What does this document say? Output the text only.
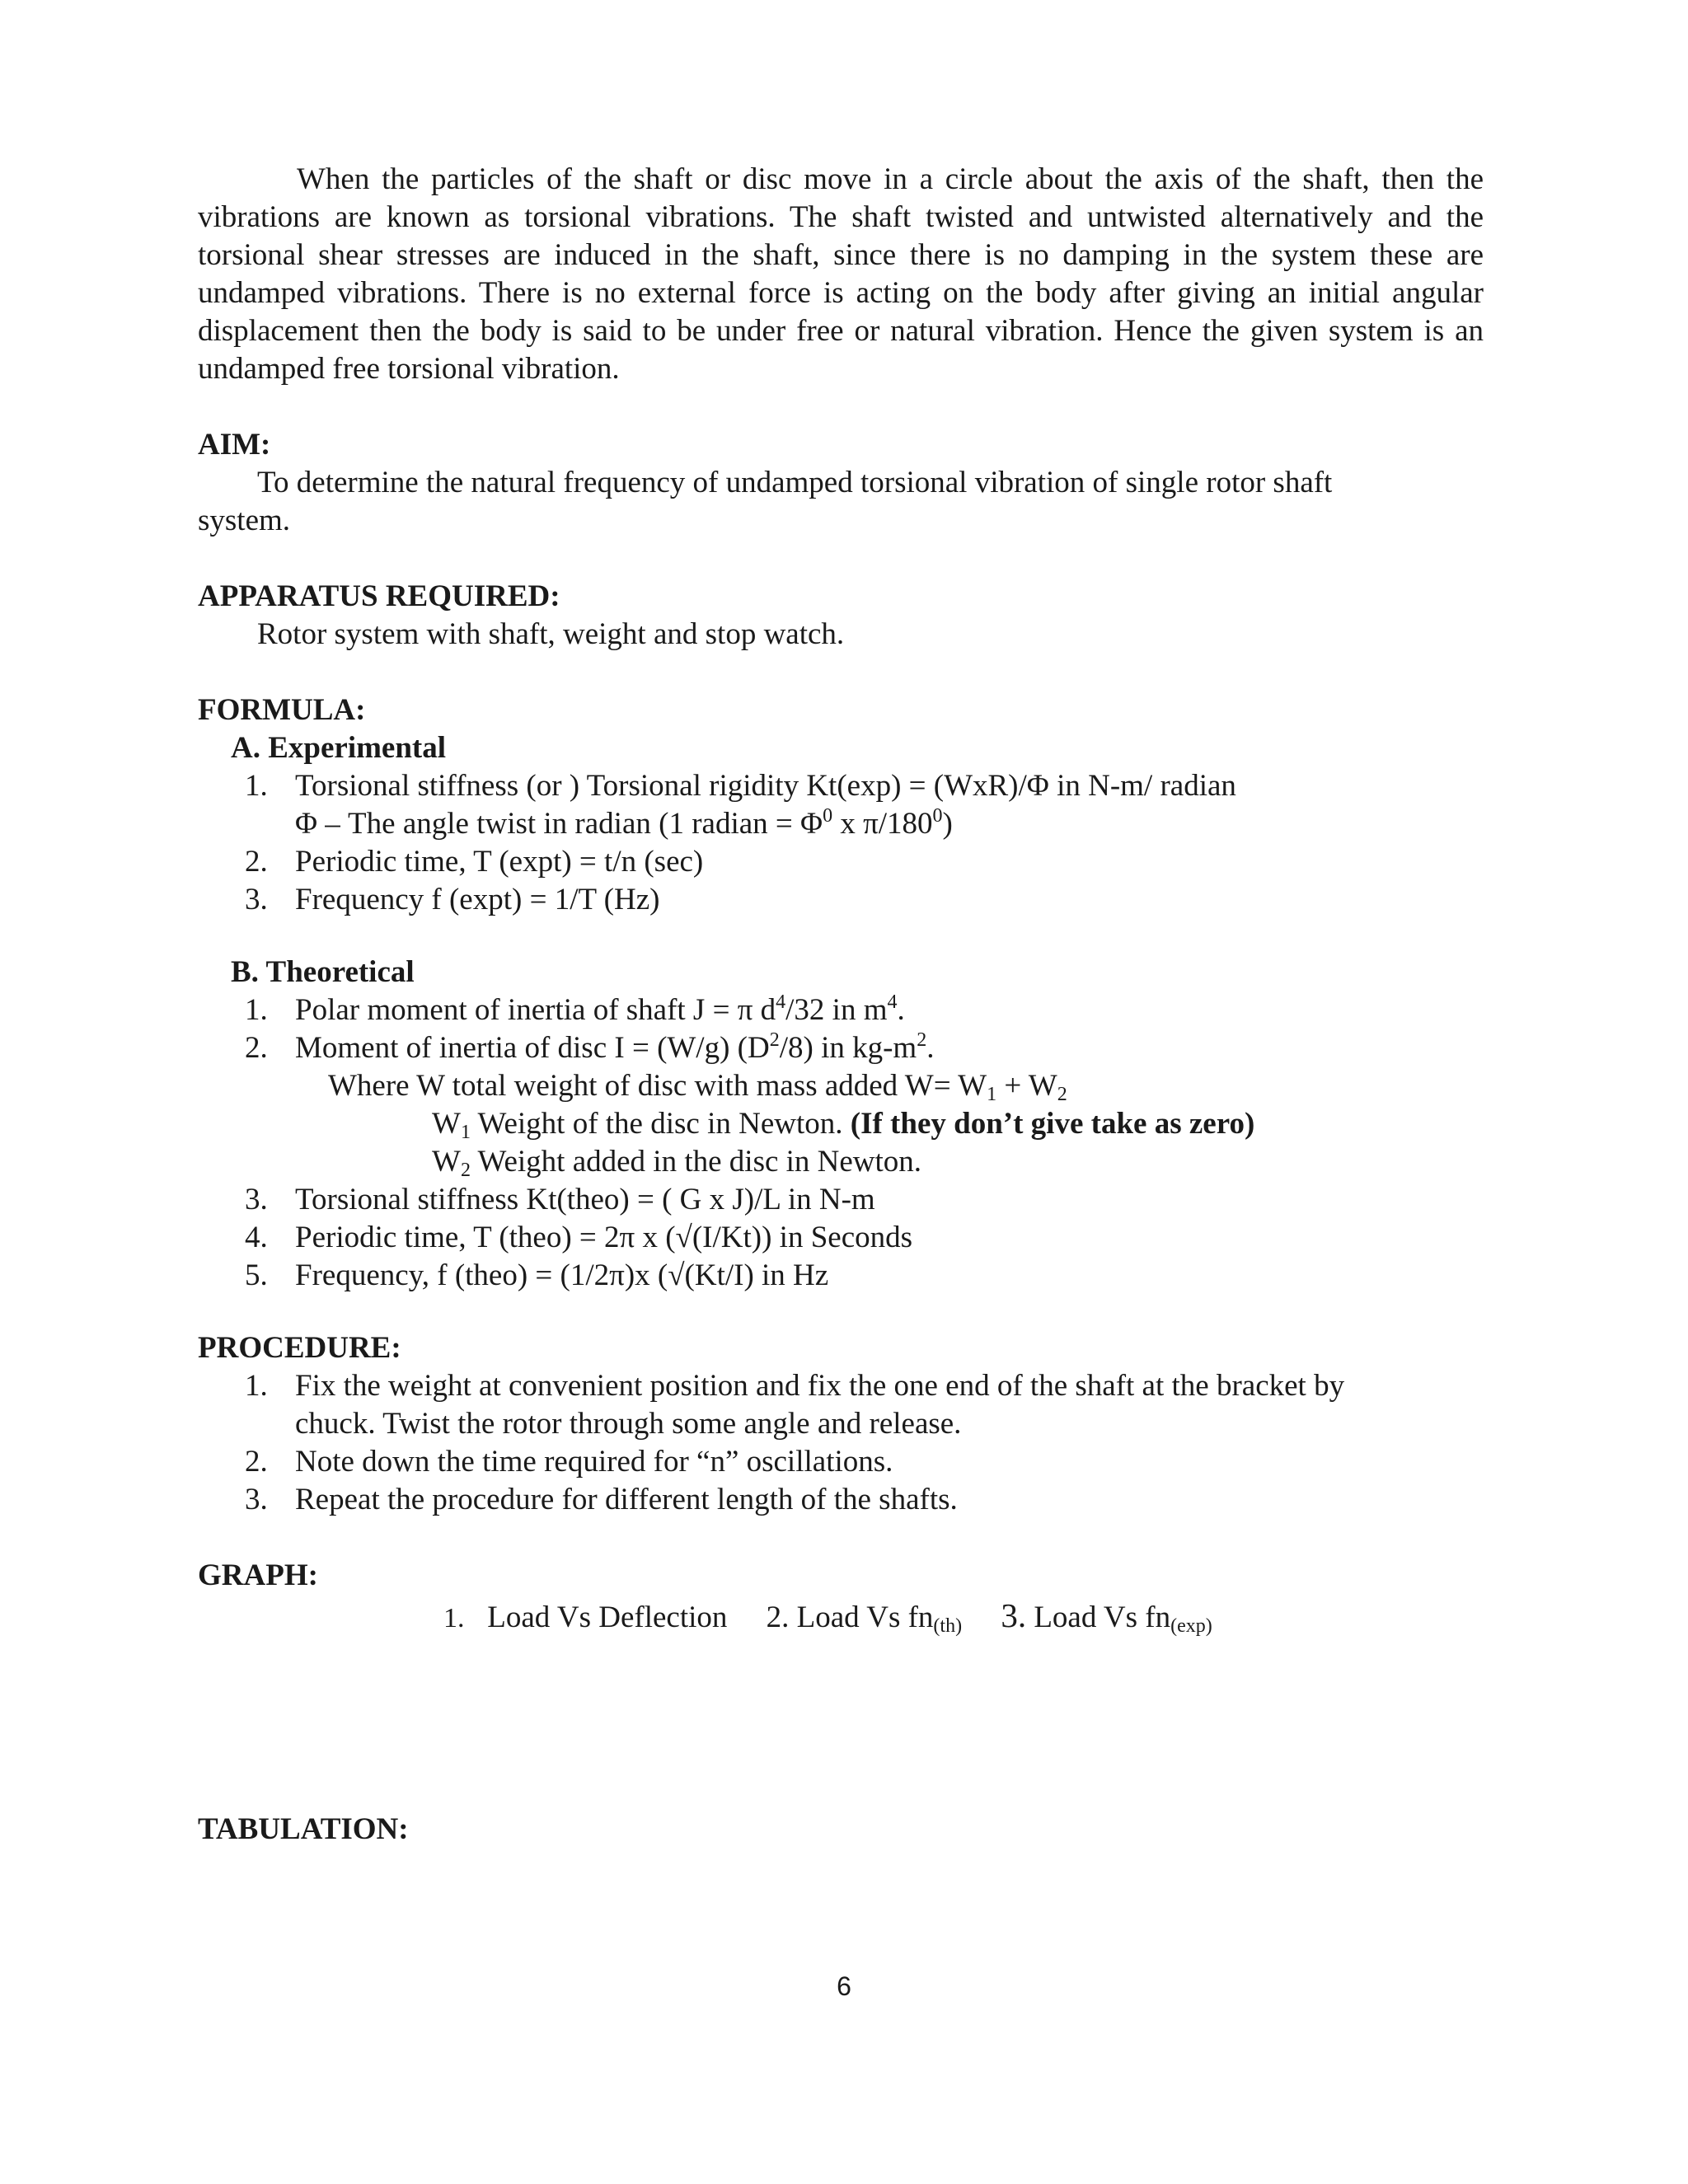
When the particles of the shaft or disc move in a circle about the axis of the shaft, then the vibrations are known as torsional vibrations. The shaft twisted and untwisted alternatively and the torsional shear stresses are induced in the shaft, since there is no damping in the system these are undamped vibrations. There is no external force is acting on the body after giving an initial angular displacement then the body is said to be under free or natural vibration. Hence the given system is an undamped free torsional vibration.

AIM:

To determine the natural frequency of undamped torsional vibration of single rotor shaft

system.

APPARATUS REQUIRED:

Rotor system with shaft, weight and stop watch.

FORMULA:

A. Experimental

1. Torsional stiffness (or ) Torsional rigidity Kt(exp) = (WxR)/Φ in N-m/ radian
Φ – The angle twist in radian (1 radian = $\Phi^0$ x $\pi/180^0$)
2. Periodic time, T (expt) = t/n (sec)
3. Frequency f (expt) = 1/T (Hz)

B. Theoretical

1. Polar moment of inertia of shaft J = π $d^4/32$ in $m^4$.
2. Moment of inertia of disc I = (W/g) $(D^2/8)$ in $kg-m^2$.
Where W total weight of disc with mass added $W= W_1 + W_2$
$W_1$ Weight of the disc in Newton. (If they don’t give take as zero)
$W_2$ Weight added in the disc in Newton.
3. Torsional stiffness Kt(theo) = ( G x J)/L in N-m
4. Periodic time, T (theo) = 2π x (√(I/Kt)) in Seconds
5. Frequency, f (theo) = (1/2π)x (√(Kt/I) in Hz

PROCEDURE:

1. Fix the weight at convenient position and fix the one end of the shaft at the bracket by
chuck. Twist the rotor through some angle and release.
2. Note down the time required for “n” oscillations.
3. Repeat the procedure for different length of the shafts.

GRAPH:

1. Load Vs Deflection 2. Load Vs $fn_{(th)}$ 3. Load Vs $fn_{(exp)}$

TABULATION:

6
